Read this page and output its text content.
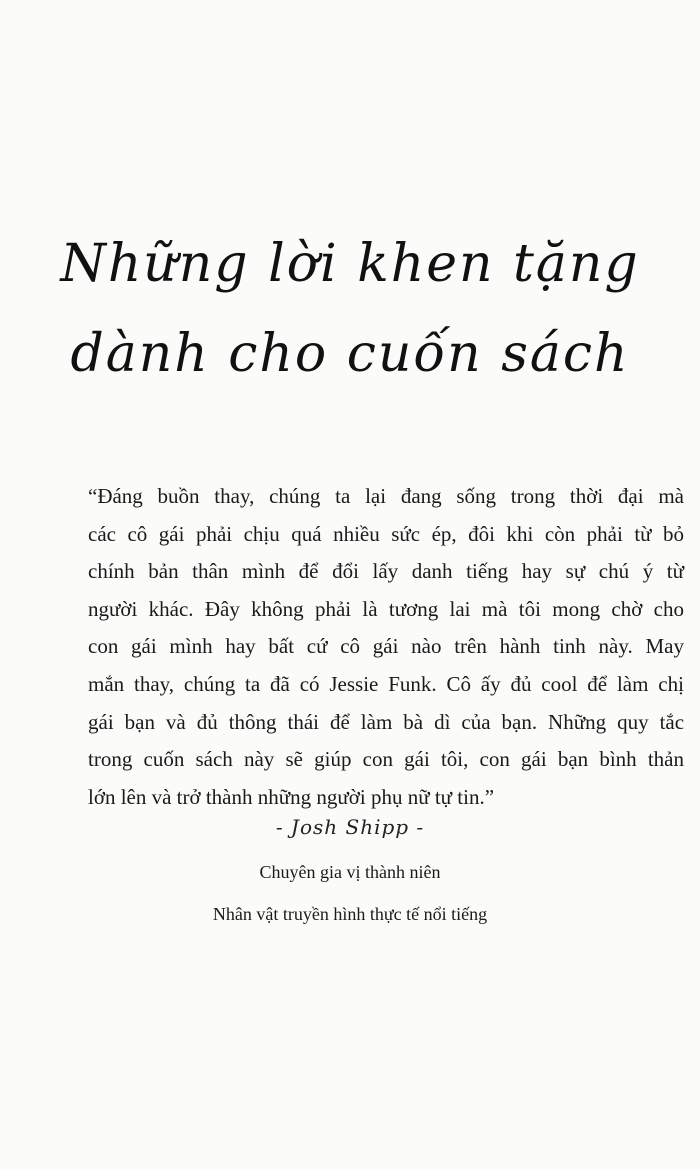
Những lời khen tặng
dành cho cuốn sách
“Đáng buồn thay, chúng ta lại đang sống trong thời đại mà
các cô gái phải chịu quá nhiều sức ép, đôi khi còn phải từ bỏ
chính bản thân mình để đổi lấy danh tiếng hay sự chú ý từ
người khác. Đây không phải là tương lai mà tôi mong chờ cho
con gái mình hay bất cứ cô gái nào trên hành tinh này. May
mắn thay, chúng ta đã có Jessie Funk. Cô ấy đủ cool để làm chị
gái bạn và đủ thông thái để làm bà dì của bạn. Những quy tắc
trong cuốn sách này sẽ giúp con gái tôi, con gái bạn bình thản
lớn lên và trở thành những người phụ nữ tự tin.”
- Josh Shipp -
Chuyên gia vị thành niên
Nhân vật truyền hình thực tế nổi tiếng
